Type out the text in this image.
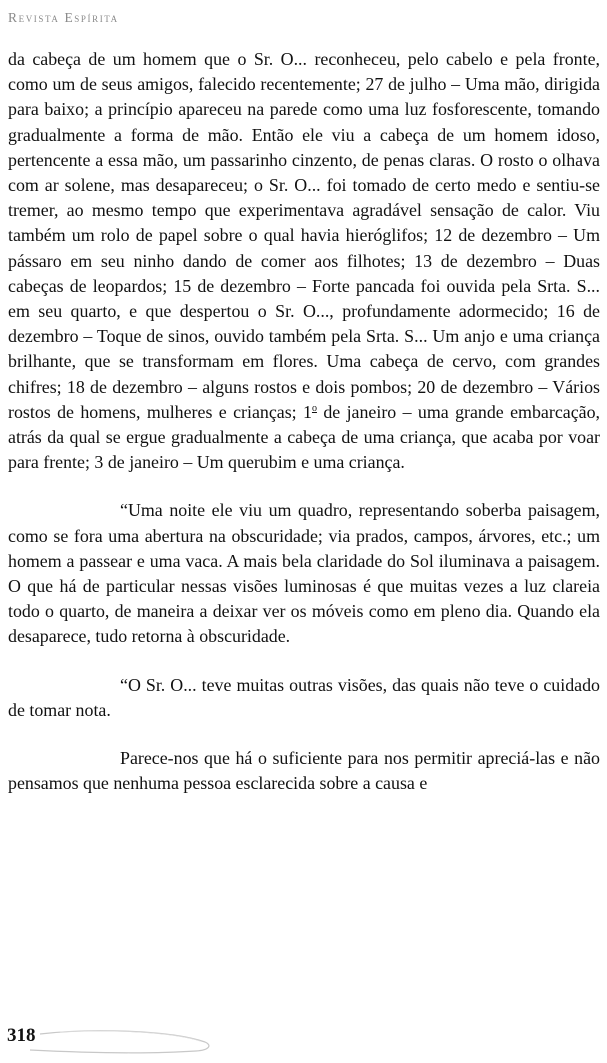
Revista Espírita

da cabeça de um homem que o Sr. O... reconheceu, pelo cabelo e pela fronte, como um de seus amigos, falecido recentemente; 27 de julho – Uma mão, dirigida para baixo; a princípio apareceu na parede como uma luz fosforescente, tomando gradualmente a forma de mão. Então ele viu a cabeça de um homem idoso, pertencente a essa mão, um passarinho cinzento, de penas claras. O rosto o olhava com ar solene, mas desapareceu; o Sr. O... foi tomado de certo medo e sentiu-se tremer, ao mesmo tempo que experimentava agradável sensação de calor. Viu também um rolo de papel sobre o qual havia hieróglifos; 12 de dezembro – Um pássaro em seu ninho dando de comer aos filhotes; 13 de dezembro – Duas cabeças de leopardos; 15 de dezembro – Forte pancada foi ouvida pela Srta. S... em seu quarto, e que despertou o Sr. O..., profundamente adormecido; 16 de dezembro – Toque de sinos, ouvido também pela Srta. S... Um anjo e uma criança brilhante, que se transformam em flores. Uma cabeça de cervo, com grandes chifres; 18 de dezembro – alguns rostos e dois pombos; 20 de dezembro – Vários rostos de homens, mulheres e crianças; 1$^o$ de janeiro – uma grande embarcação, atrás da qual se ergue gradualmente a cabeça de uma criança, que acaba por voar para frente; 3 de janeiro – Um querubim e uma criança.

“Uma noite ele viu um quadro, representando soberba paisagem, como se fora uma abertura na obscuridade; via prados, campos, árvores, etc.; um homem a passear e uma vaca. A mais bela claridade do Sol iluminava a paisagem. O que há de particular nessas visões luminosas é que muitas vezes a luz clareia todo o quarto, de maneira a deixar ver os móveis como em pleno dia. Quando ela desaparece, tudo retorna à obscuridade.

“O Sr. O... teve muitas outras visões, das quais não teve o cuidado de tomar nota.

Parece-nos que há o suficiente para nos permitir apreciá-las e não pensamos que nenhuma pessoa esclarecida sobre a causa e

318
